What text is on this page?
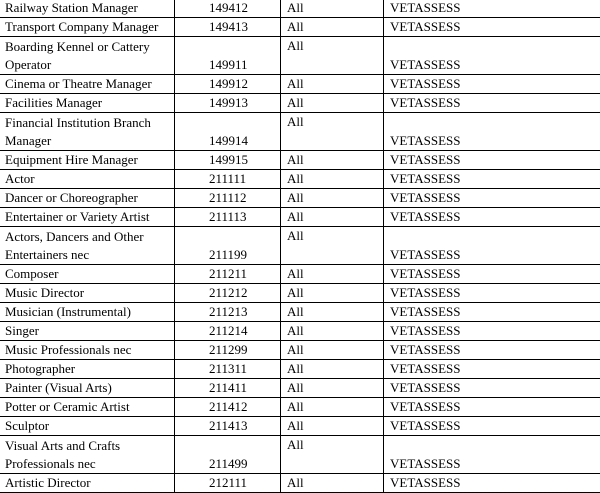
Railway Station Manager	149412	All	VETASSESS
Transport Company Manager	149413	All	VETASSESS
Boarding Kennel or Cattery Operator	149911	All	VETASSESS
Cinema or Theatre Manager	149912	All	VETASSESS
Facilities Manager	149913	All	VETASSESS
Financial Institution Branch Manager	149914	All	VETASSESS
Equipment Hire Manager	149915	All	VETASSESS
Actor	211111	All	VETASSESS
Dancer or Choreographer	211112	All	VETASSESS
Entertainer or Variety Artist	211113	All	VETASSESS
Actors, Dancers and Other Entertainers nec	211199	All	VETASSESS
Composer	211211	All	VETASSESS
Music Director	211212	All	VETASSESS
Musician (Instrumental)	211213	All	VETASSESS
Singer	211214	All	VETASSESS
Music Professionals nec	211299	All	VETASSESS
Photographer	211311	All	VETASSESS
Painter (Visual Arts)	211411	All	VETASSESS
Potter or Ceramic Artist	211412	All	VETASSESS
Sculptor	211413	All	VETASSESS
Visual Arts and Crafts Professionals nec	211499	All	VETASSESS
Artistic Director	212111	All	VETASSESS
